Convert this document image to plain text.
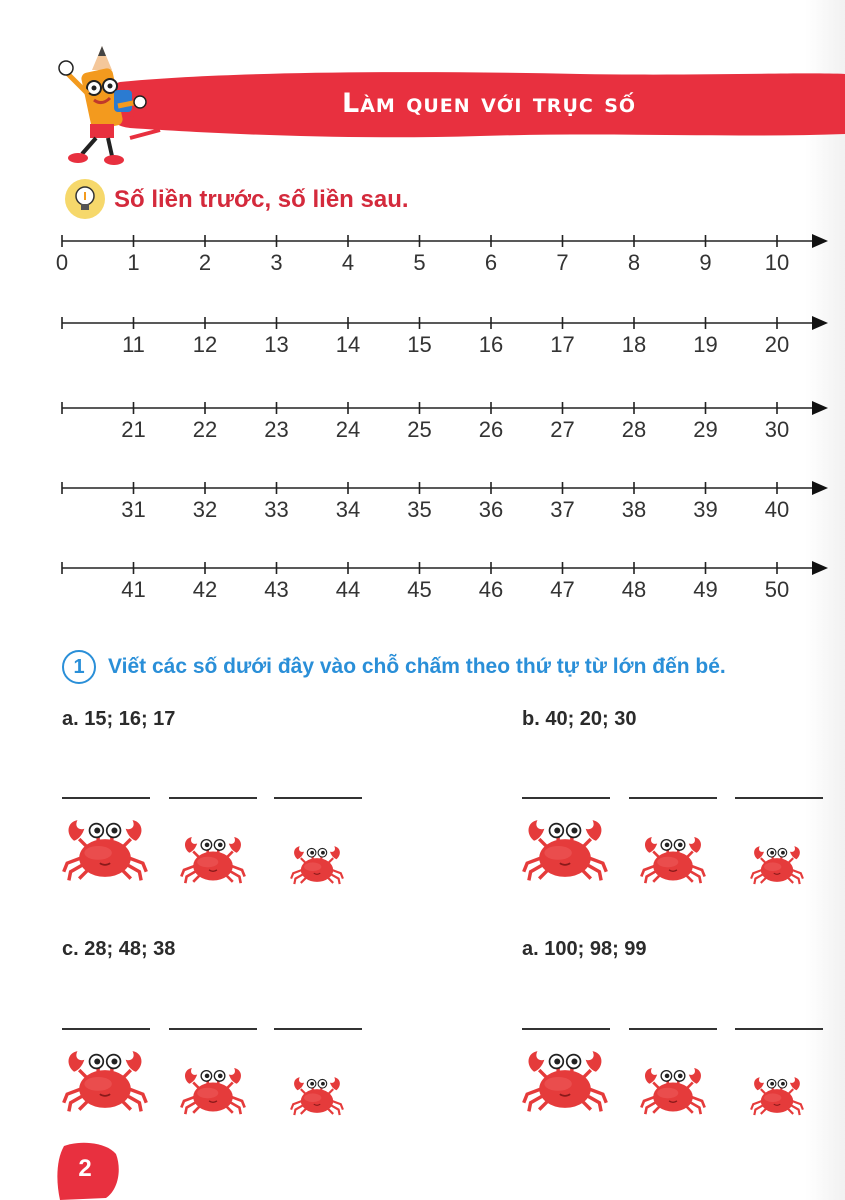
Làm quen với trục số
Số liền trước, số liền sau.
0	1	2	3	4	5	6	7	8	9	10
11	12	13	14	15	16	17	18	19	20
21	22	23	24	25	26	27	28	29	30
31	32	33	34	35	36	37	38	39	40
41	42	43	44	45	46	47	48	49	50
1	Viết các số dưới đây vào chỗ chấm theo thứ tự từ lớn đến bé.
a. 15; 16; 17	b. 40; 20; 30
c. 28; 48; 38	a. 100; 98; 99
2
